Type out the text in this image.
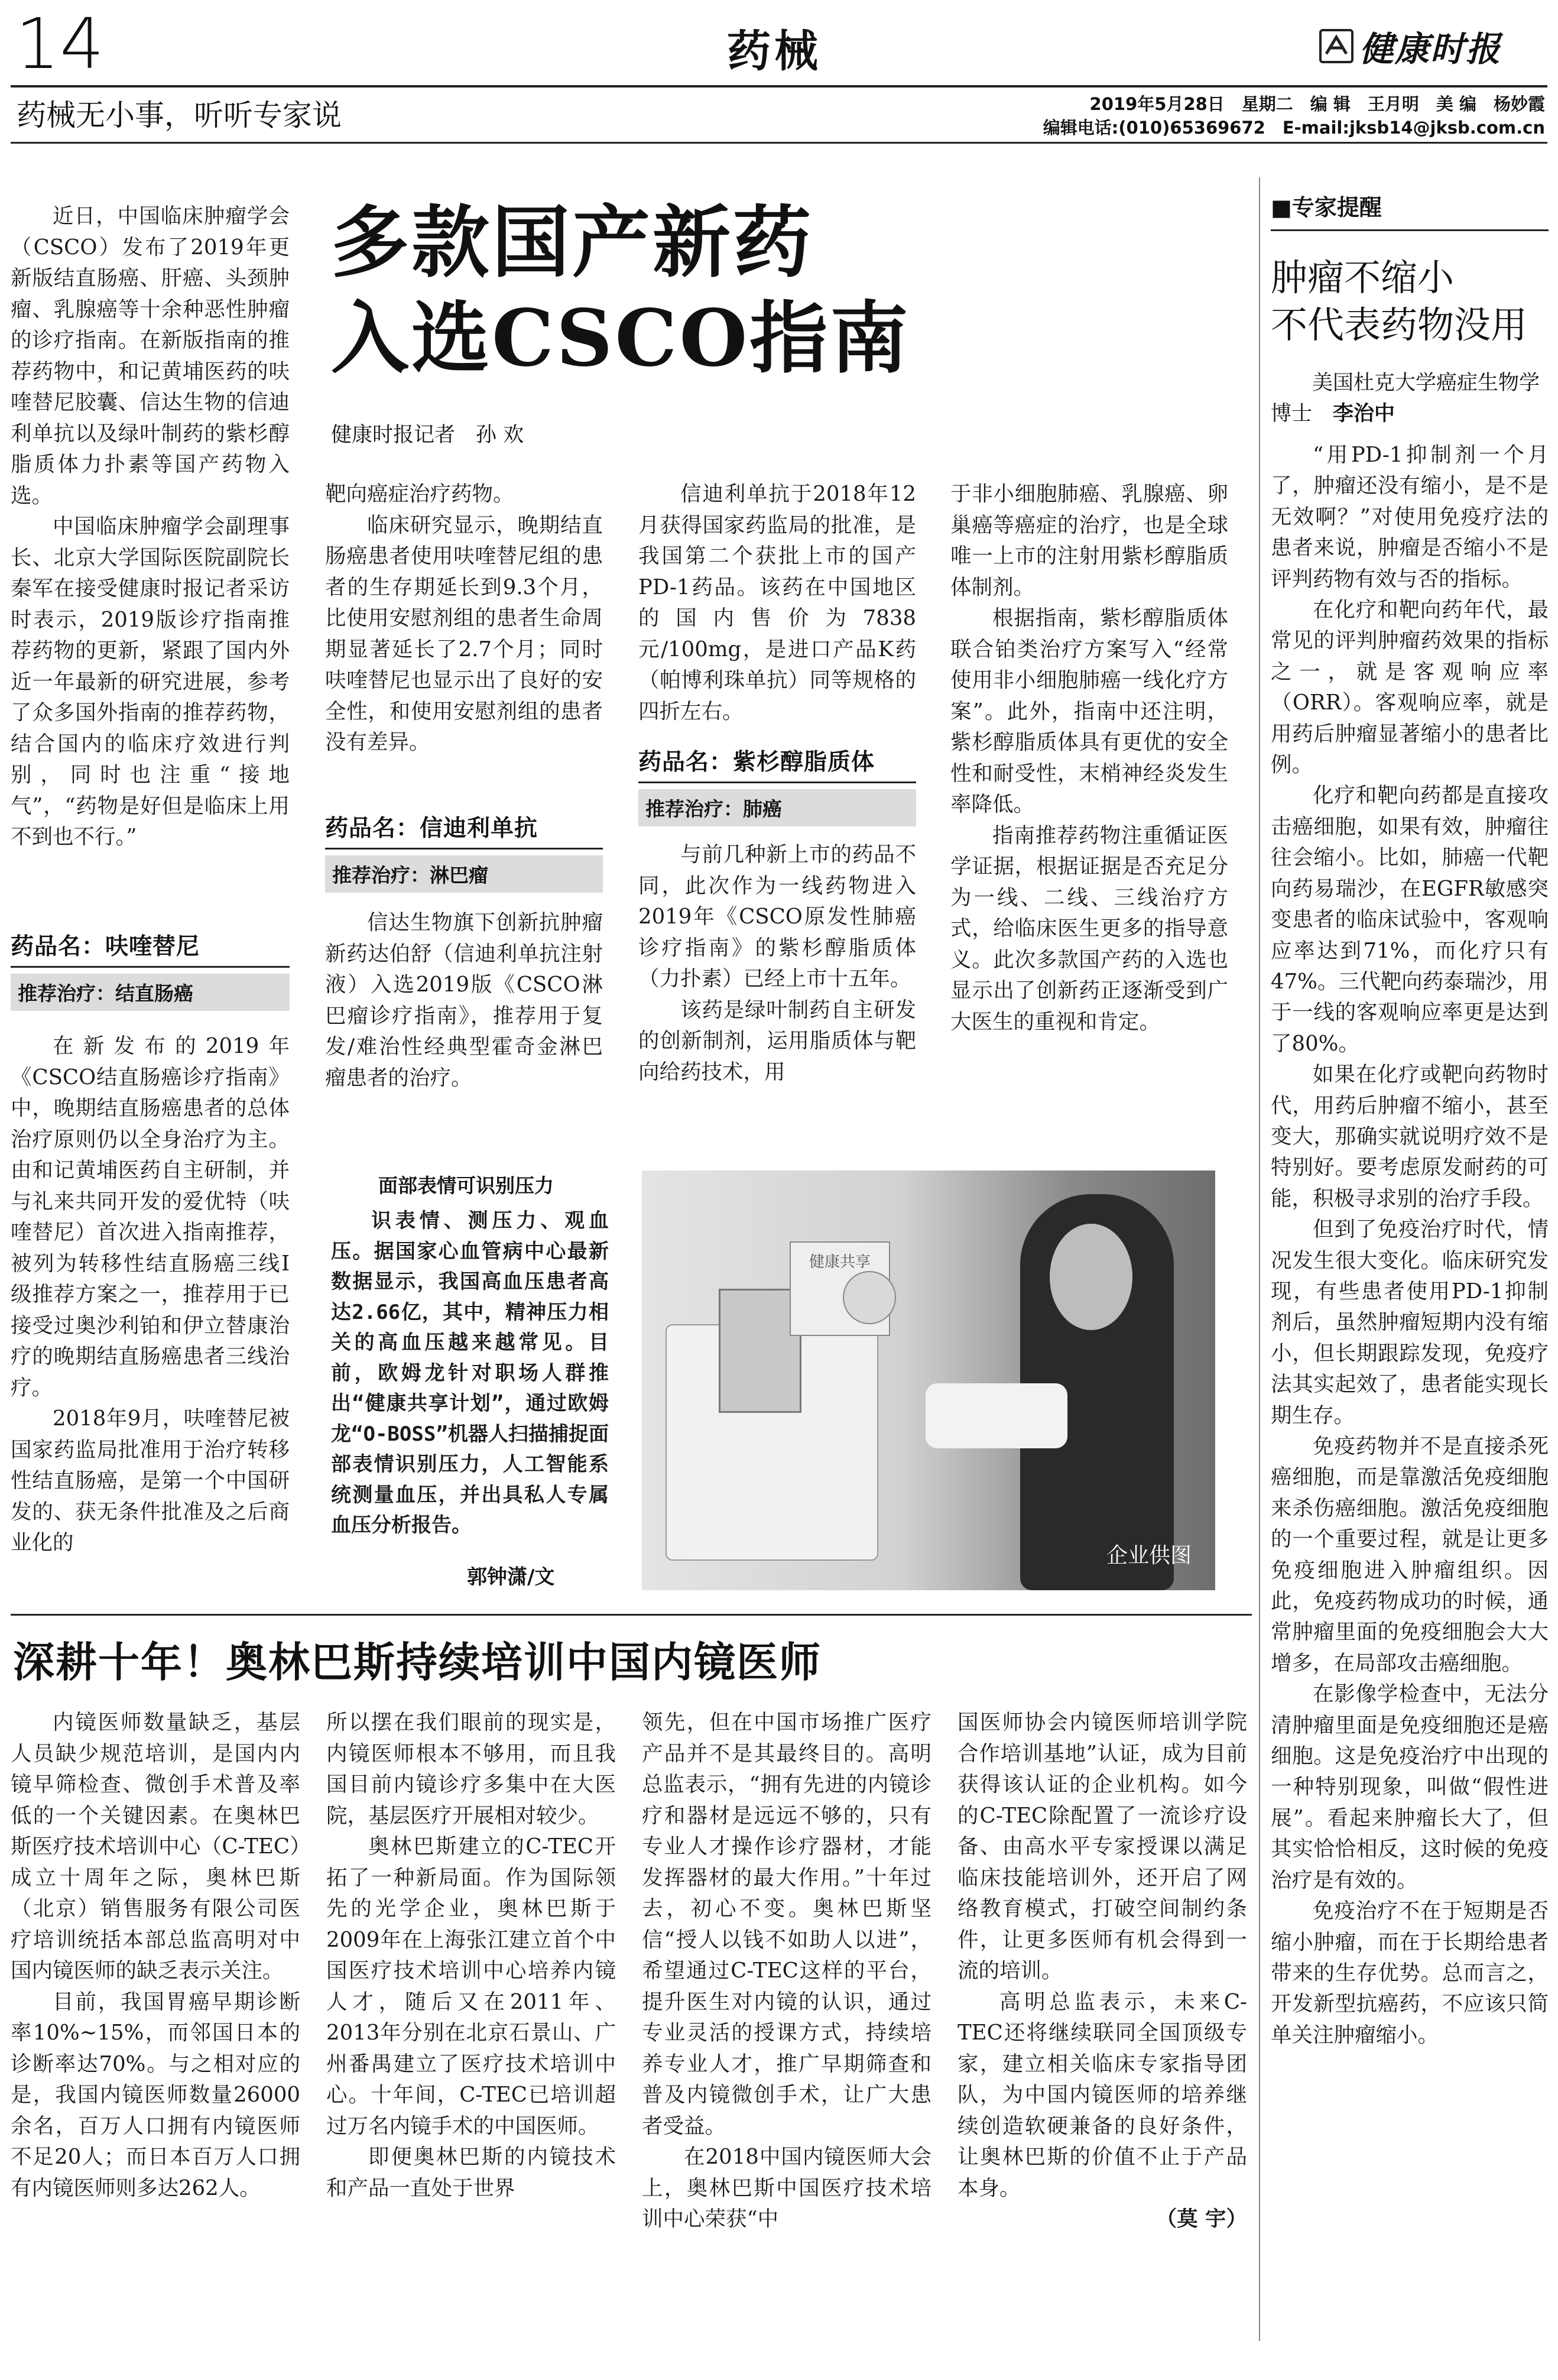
14	药械	健康时报
药械无小事，听听专家说	2019年5月28日　星期二　编 辑　王月明　美 编　杨妙霞
编辑电话:(010)65369672　E-mail:jksb14@jksb.com.cn
多款国产新药
入选CSCO指南
健康时报记者　孙 欢

近日，中国临床肿瘤学会（CSCO）发布了2019年更新版结直肠癌、肝癌、头颈肿瘤、乳腺癌等十余种恶性肿瘤的诊疗指南。在新版指南的推荐药物中，和记黄埔医药的呋喹替尼胶囊、信达生物的信迪利单抗以及绿叶制药的紫杉醇脂质体力扑素等国产药物入选。

中国临床肿瘤学会副理事长、北京大学国际医院副院长秦军在接受健康时报记者采访时表示，2019版诊疗指南推荐药物的更新，紧跟了国内外近一年最新的研究进展，参考了众多国外指南的推荐药物，结合国内的临床疗效进行判别，同时也注重“接地气”，“药物是好但是临床上用不到也不行。”

药品名：呋喹替尼
推荐治疗：结直肠癌

在新发布的2019年《CSCO结直肠癌诊疗指南》中，晚期结直肠癌患者的总体治疗原则仍以全身治疗为主。由和记黄埔医药自主研制，并与礼来共同开发的爱优特（呋喹替尼）首次进入指南推荐，被列为转移性结直肠癌三线I级推荐方案之一，推荐用于已接受过奥沙利铂和伊立替康治疗的晚期结直肠癌患者三线治疗。

2018年9月，呋喹替尼被国家药监局批准用于治疗转移性结直肠癌，是第一个中国研发的、获无条件批准及之后商业化的

靶向癌症治疗药物。

临床研究显示，晚期结直肠癌患者使用呋喹替尼组的患者的生存期延长到9.3个月，比使用安慰剂组的患者生命周期显著延长了2.7个月；同时呋喹替尼也显示出了良好的安全性，和使用安慰剂组的患者没有差异。

药品名：信迪利单抗
推荐治疗：淋巴瘤

信达生物旗下创新抗肿瘤新药达伯舒（信迪利单抗注射液）入选2019版《CSCO淋巴瘤诊疗指南》，推荐用于复发/难治性经典型霍奇金淋巴瘤患者的治疗。

信迪利单抗于2018年12月获得国家药监局的批准，是我国第二个获批上市的国产PD-1药品。该药在中国地区的国内售价为7838元/100mg，是进口产品K药（帕博利珠单抗）同等规格的四折左右。

药品名：紫杉醇脂质体
推荐治疗：肺癌

与前几种新上市的药品不同，此次作为一线药物进入2019年《CSCO原发性肺癌诊疗指南》的紫杉醇脂质体（力扑素）已经上市十五年。

该药是绿叶制药自主研发的创新制剂，运用脂质体与靶向给药技术，用

于非小细胞肺癌、乳腺癌、卵巢癌等癌症的治疗，也是全球唯一上市的注射用紫杉醇脂质体制剂。

根据指南，紫杉醇脂质体联合铂类治疗方案写入“经常使用非小细胞肺癌一线化疗方案”。此外，指南中还注明，紫杉醇脂质体具有更优的安全性和耐受性，末梢神经炎发生率降低。

指南推荐药物注重循证医学证据，根据证据是否充足分为一线、二线、三线治疗方式，给临床医生更多的指导意义。此次多款国产药的入选也显示出了创新药正逐渐受到广大医生的重视和肯定。

面部表情可识别压力

识表情、测压力、观血压。据国家心血管病中心最新数据显示，我国高血压患者高达2.66亿，其中，精神压力相关的高血压越来越常见。目前，欧姆龙针对职场人群推出“健康共享计划”，通过欧姆龙“O-BOSS”机器人扫描捕捉面部表情识别压力，人工智能系统测量血压，并出具私人专属血压分析报告。

郭钟潇/文
健康共享
企业供图
■专家提醒
肿瘤不缩小
不代表药物没用
美国杜克大学癌症生物学博士　 李治中

“用PD-1抑制剂一个月了，肿瘤还没有缩小，是不是无效啊？”对使用免疫疗法的患者来说，肿瘤是否缩小不是评判药物有效与否的指标。

在化疗和靶向药年代，最常见的评判肿瘤药效果的指标之一，就是客观响应率（ORR）。客观响应率，就是用药后肿瘤显著缩小的患者比例。

化疗和靶向药都是直接攻击癌细胞，如果有效，肿瘤往往会缩小。比如，肺癌一代靶向药易瑞沙，在EGFR敏感突变患者的临床试验中，客观响应率达到71%，而化疗只有47%。三代靶向药泰瑞沙，用于一线的客观响应率更是达到了80%。

如果在化疗或靶向药物时代，用药后肿瘤不缩小，甚至变大，那确实就说明疗效不是特别好。要考虑原发耐药的可能，积极寻求别的治疗手段。

但到了免疫治疗时代，情况发生很大变化。临床研究发现，有些患者使用PD-1抑制剂后，虽然肿瘤短期内没有缩小，但长期跟踪发现，免疫疗法其实起效了，患者能实现长期生存。

免疫药物并不是直接杀死癌细胞，而是靠激活免疫细胞来杀伤癌细胞。激活免疫细胞的一个重要过程，就是让更多免疫细胞进入肿瘤组织。因此，免疫药物成功的时候，通常肿瘤里面的免疫细胞会大大增多，在局部攻击癌细胞。

在影像学检查中，无法分清肿瘤里面是免疫细胞还是癌细胞。这是免疫治疗中出现的一种特别现象，叫做“假性进展”。看起来肿瘤长大了，但其实恰恰相反，这时候的免疫治疗是有效的。

免疫治疗不在于短期是否缩小肿瘤，而在于长期给患者带来的生存优势。总而言之，开发新型抗癌药，不应该只简单关注肿瘤缩小。

深耕十年！奥林巴斯持续培训中国内镜医师

内镜医师数量缺乏，基层人员缺少规范培训，是国内内镜早筛检查、微创手术普及率低的一个关键因素。在奥林巴斯医疗技术培训中心（C-TEC）成立十周年之际，奥林巴斯（北京）销售服务有限公司医疗培训统括本部总监高明对中国内镜医师的缺乏表示关注。

目前，我国胃癌早期诊断率10%~15%，而邻国日本的诊断率达70%。与之相对应的是，我国内镜医师数量26000余名，百万人口拥有内镜医师不足20人；而日本百万人口拥有内镜医师则多达262人。

所以摆在我们眼前的现实是，内镜医师根本不够用，而且我国目前内镜诊疗多集中在大医院，基层医疗开展相对较少。

奥林巴斯建立的C-TEC开拓了一种新局面。作为国际领先的光学企业，奥林巴斯于2009年在上海张江建立首个中国医疗技术培训中心培养内镜人才，随后又在2011年、2013年分别在北京石景山、广州番禺建立了医疗技术培训中心。十年间，C-TEC已培训超过万名内镜手术的中国医师。

即便奥林巴斯的内镜技术和产品一直处于世界

领先，但在中国市场推广医疗产品并不是其最终目的。高明总监表示，“拥有先进的内镜诊疗和器材是远远不够的，只有专业人才操作诊疗器材，才能发挥器材的最大作用。”十年过去，初心不变。奥林巴斯坚信“授人以钱不如助人以进”，希望通过C-TEC这样的平台，提升医生对内镜的认识，通过专业灵活的授课方式，持续培养专业人才，推广早期筛查和普及内镜微创手术，让广大患者受益。

在2018中国内镜医师大会上，奥林巴斯中国医疗技术培训中心荣获“中

国医师协会内镜医师培训学院合作培训基地”认证，成为目前获得该认证的企业机构。如今的C-TEC除配置了一流诊疗设备、由高水平专家授课以满足临床技能培训外，还开启了网络教育模式，打破空间制约条件，让更多医师有机会得到一流的培训。

高明总监表示，未来C-TEC还将继续联同全国顶级专家，建立相关临床专家指导团队，为中国内镜医师的培养继续创造软硬兼备的良好条件，让奥林巴斯的价值不止于产品本身。

（莫 宇）
